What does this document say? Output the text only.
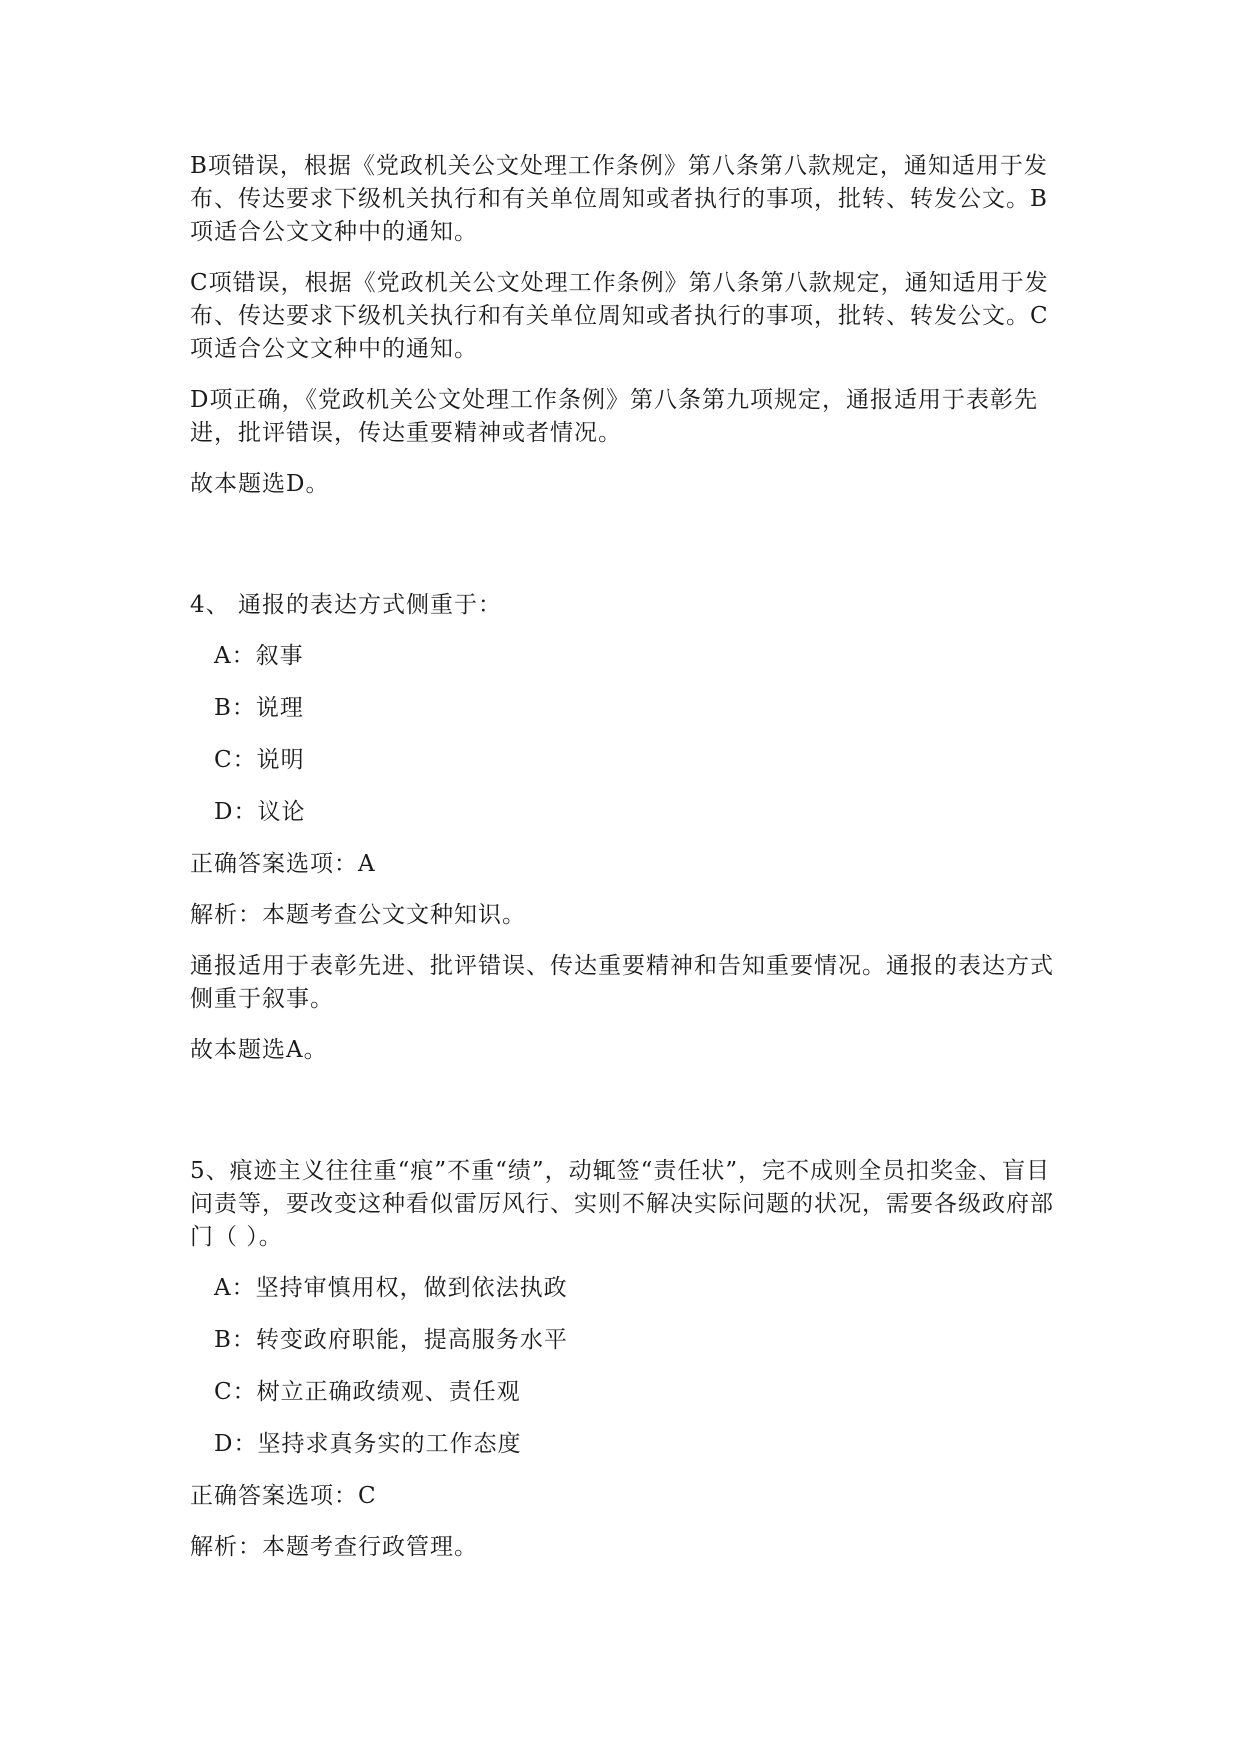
B项错误，根据《党政机关公文处理工作条例》第八条第八款规定，通知适用于发布、传达要求下级机关执行和有关单位周知或者执行的事项，批转、转发公文。B项适合公文文种中的通知。

C项错误，根据《党政机关公文处理工作条例》第八条第八款规定，通知适用于发布、传达要求下级机关执行和有关单位周知或者执行的事项，批转、转发公文。C项适合公文文种中的通知。

D项正确，《党政机关公文处理工作条例》第八条第九项规定，通报适用于表彰先进，批评错误，传达重要精神或者情况。

故本题选D。

4、 通报的表达方式侧重于：

A：叙事

B：说理

C：说明

D：议论

正确答案选项：A

解析：本题考查公文文种知识。

通报适用于表彰先进、批评错误、传达重要精神和告知重要情况。通报的表达方式侧重于叙事。

故本题选A。

5、痕迹主义往往重“痕”不重“绩”，动辄签“责任状”，完不成则全员扣奖金、盲目问责等，要改变这种看似雷厉风行、实则不解决实际问题的状况，需要各级政府部门（ ）。

A：坚持审慎用权，做到依法执政

B：转变政府职能，提高服务水平

C：树立正确政绩观、责任观

D：坚持求真务实的工作态度

正确答案选项：C

解析：本题考查行政管理。
